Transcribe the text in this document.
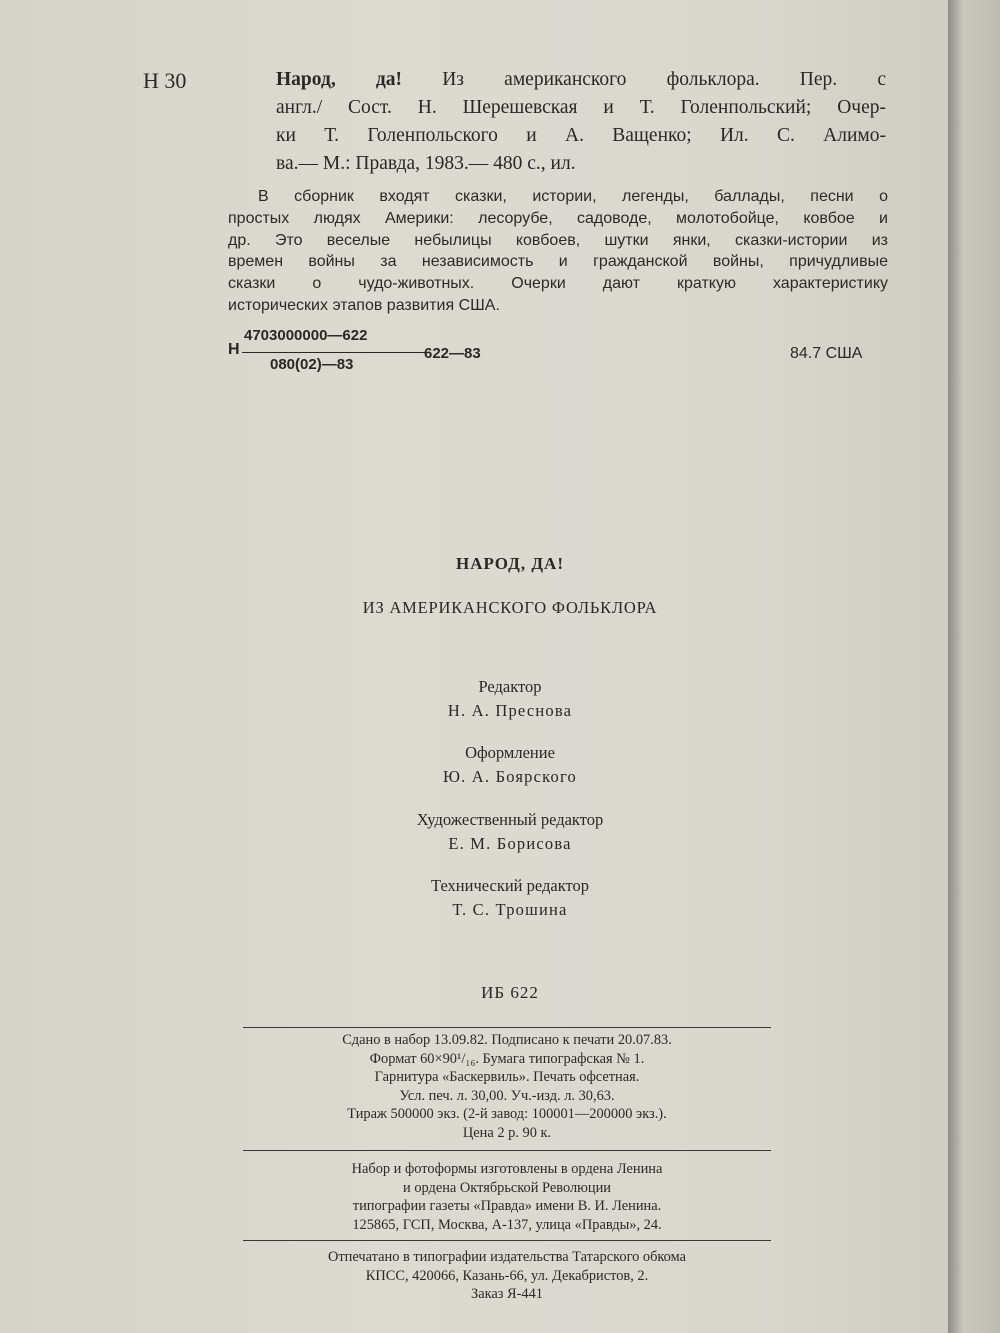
Н 30	Народ, да! Из американского фольклора. Пер. с
англ./ Сост. Н. Шерешевская и Т. Голенпольский; Очер-
ки Т. Голенпольского и А. Ващенко; Ил. С. Алимо-
ва.— М.: Правда, 1983.— 480 с., ил.
В сборник входят сказки, истории, легенды, баллады, песни о
простых людях Америки: лесорубе, садоводе, молотобойце, ковбое и
др. Это веселые небылицы ковбоев, шутки янки, сказки-истории из
времен войны за независимость и гражданской войны, причудливые
сказки о чудо-животных. Очерки дают краткую характеристику
исторических этапов развития США.
Н
4703000000—622
080(02)—83
622—83	84.7 США
НАРОД, ДА!
ИЗ АМЕРИКАНСКОГО ФОЛЬКЛОРА
Редактор
Н. А. Преснова
Оформление
Ю. А. Боярского
Художественный редактор
Е. М. Борисова
Технический редактор
Т. С. Трошина
ИБ 622
Сдано в набор 13.09.82. Подписано к печати 20.07.83.
Формат 60×90¹/₁₆. Бумага типографская № 1.
Гарнитура «Баскервиль». Печать офсетная.
Усл. печ. л. 30,00. Уч.-изд. л. 30,63.
Тираж 500000 экз. (2-й завод: 100001—200000 экз.).
Цена 2 р. 90 к.
Набор и фотоформы изготовлены в ордена Ленина
и ордена Октябрьской Революции
типографии газеты «Правда» имени В. И. Ленина.
125865, ГСП, Москва, А-137, улица «Правды», 24.
Отпечатано в типографии издательства Татарского обкома
КПСС, 420066, Казань-66, ул. Декабристов, 2.
Заказ Я-441
